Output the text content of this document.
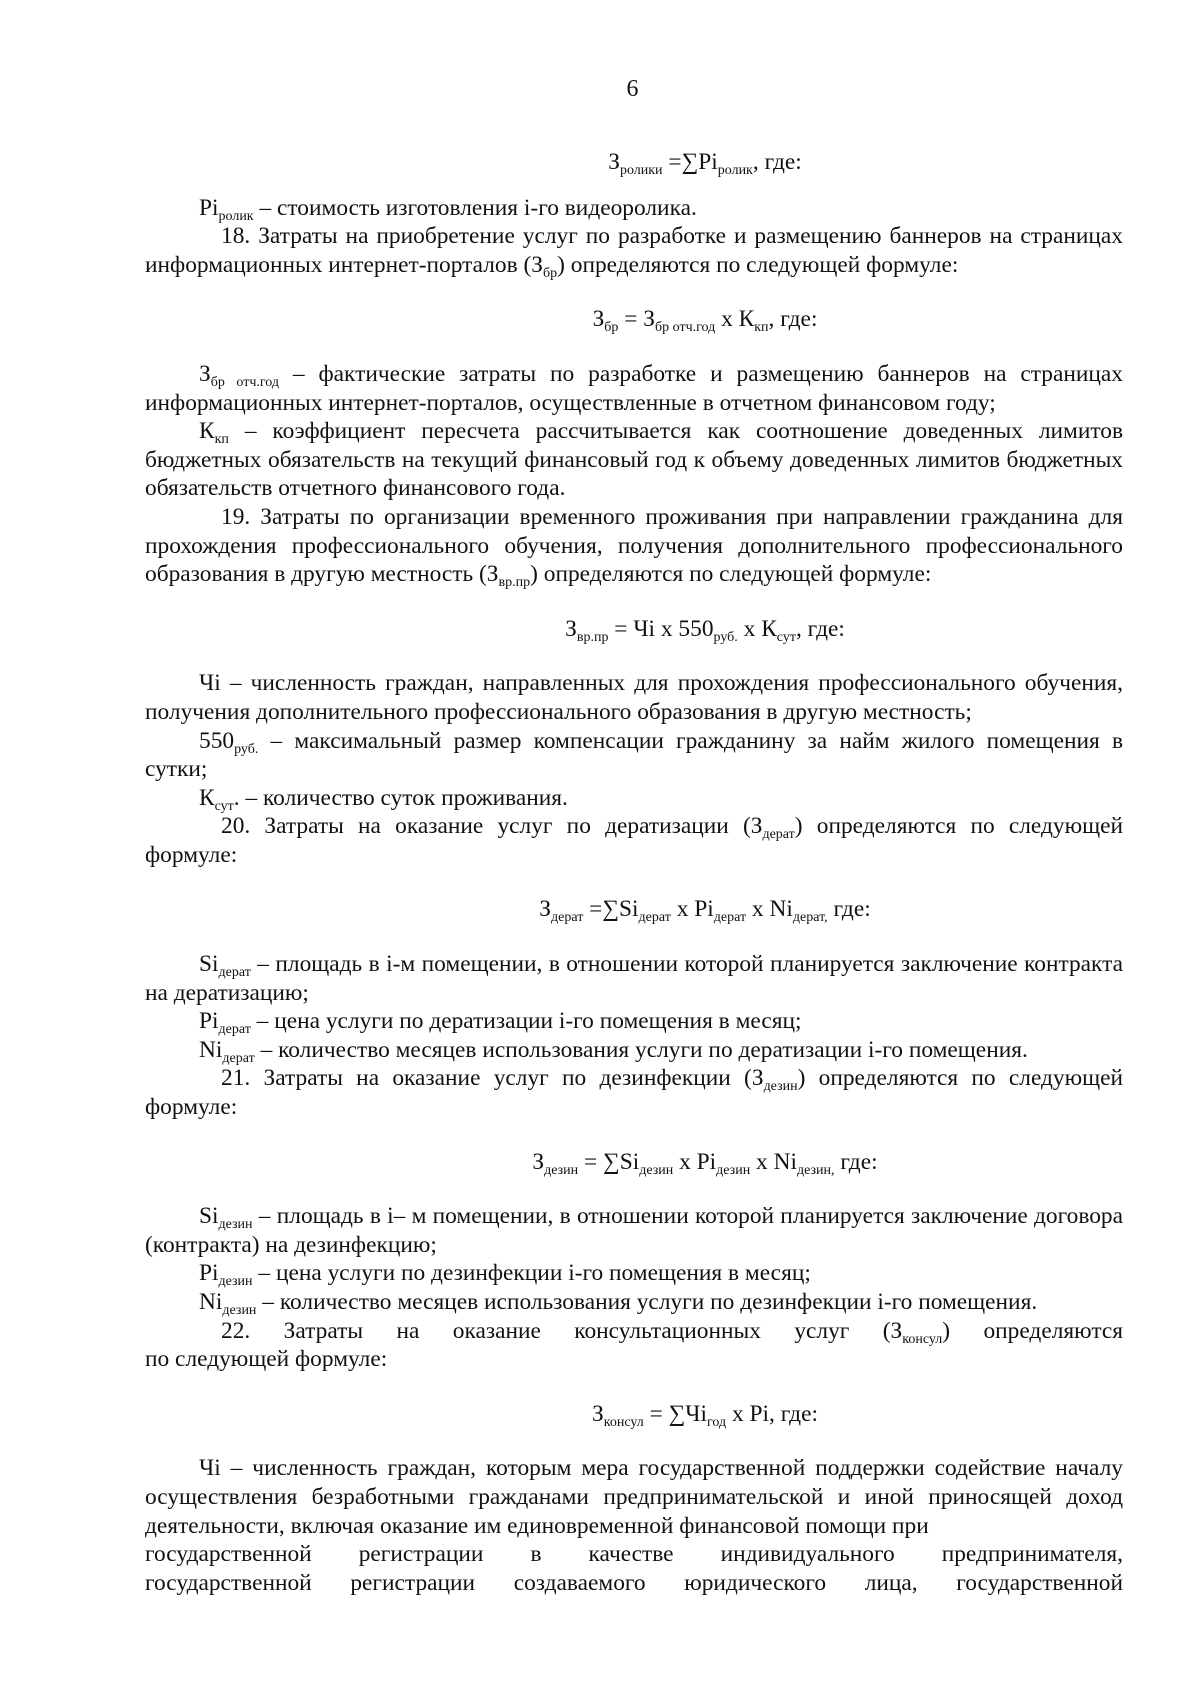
6

$З_{ролики} =\sum Pi_{ролик}$, где:

$Pi_{ролик}$ – стоимость изготовления i-го видеоролика.

18. Затраты на приобретение услуг по разработке и размещению баннеров на страницах информационных интернет-порталов $(З_{бр})$ определяются по следующей формуле:

$З_{бр} = З_{бр отч.год}$ х $К_{кп}$, где:

$З_{бр отч.год}$ – фактические затраты по разработке и размещению баннеров на страницах информационных интернет-порталов, осуществленные в отчетном финансовом году;

$К_{кп}$ – коэффициент пересчета рассчитывается как соотношение доведенных лимитов бюджетных обязательств на текущий финансовый год к объему доведенных лимитов бюджетных обязательств отчетного финансового года.

19. Затраты по организации временного проживания при направлении гражданина для прохождения профессионального обучения, получения дополнительного профессионального образования в другую местность $(З_{вр.пр})$ определяются по следующей формуле:

$З_{вр.пр}$ = Чi х $550_{руб.}$ х $К_{сут}$, где:

Чi – численность граждан, направленных для прохождения профессионального обучения, получения дополнительного профессионального образования в другую местность;

$550_{руб.}$ – максимальный размер компенсации гражданину за найм жилого помещения в сутки;

$К_{сут}$. – количество суток проживания.

20. Затраты на оказание услуг по дератизации $(З_{дерат})$ определяются по следующей формуле:

$З_{дерат} =\sum Si_{дерат}$ х $Pi_{дерат}$ х $Ni_{дерат,}$ где:

$Si_{дерат}$ – площадь в i-м помещении, в отношении которой планируется заключение контракта на дератизацию;

$Pi_{дерат}$ – цена услуги по дератизации i-го помещения в месяц;

$Ni_{дерат}$ – количество месяцев использования услуги по дератизации i-го помещения.

21. Затраты на оказание услуг по дезинфекции $(З_{дезин})$ определяются по следующей формуле:

$З_{дезин} = \sum Si_{дезин}$ х $Pi_{дезин}$ х $Ni_{дезин,}$ где:

$Si_{дезин}$ – площадь в i– м помещении, в отношении которой планируется заключение договора (контракта) на дезинфекцию;

$Pi_{дезин}$ – цена услуги по дезинфекции i-го помещения в месяц;

$Ni_{дезин}$ – количество месяцев использования услуги по дезинфекции i-го помещения.

22. Затраты на оказание консультационных услуг $(З_{консул})$ определяются

по следующей формуле:

$З_{консул} = \sum Чi_{год}$ х Pi, где:

Чi – численность граждан, которым мера государственной поддержки содействие началу осуществления безработными гражданами предпринимательской и иной приносящей доход деятельности, включая оказание им единовременной финансовой помощи при

государственной регистрации в качестве индивидуального предпринимателя,
государственной регистрации создаваемого юридического лица, государственной
